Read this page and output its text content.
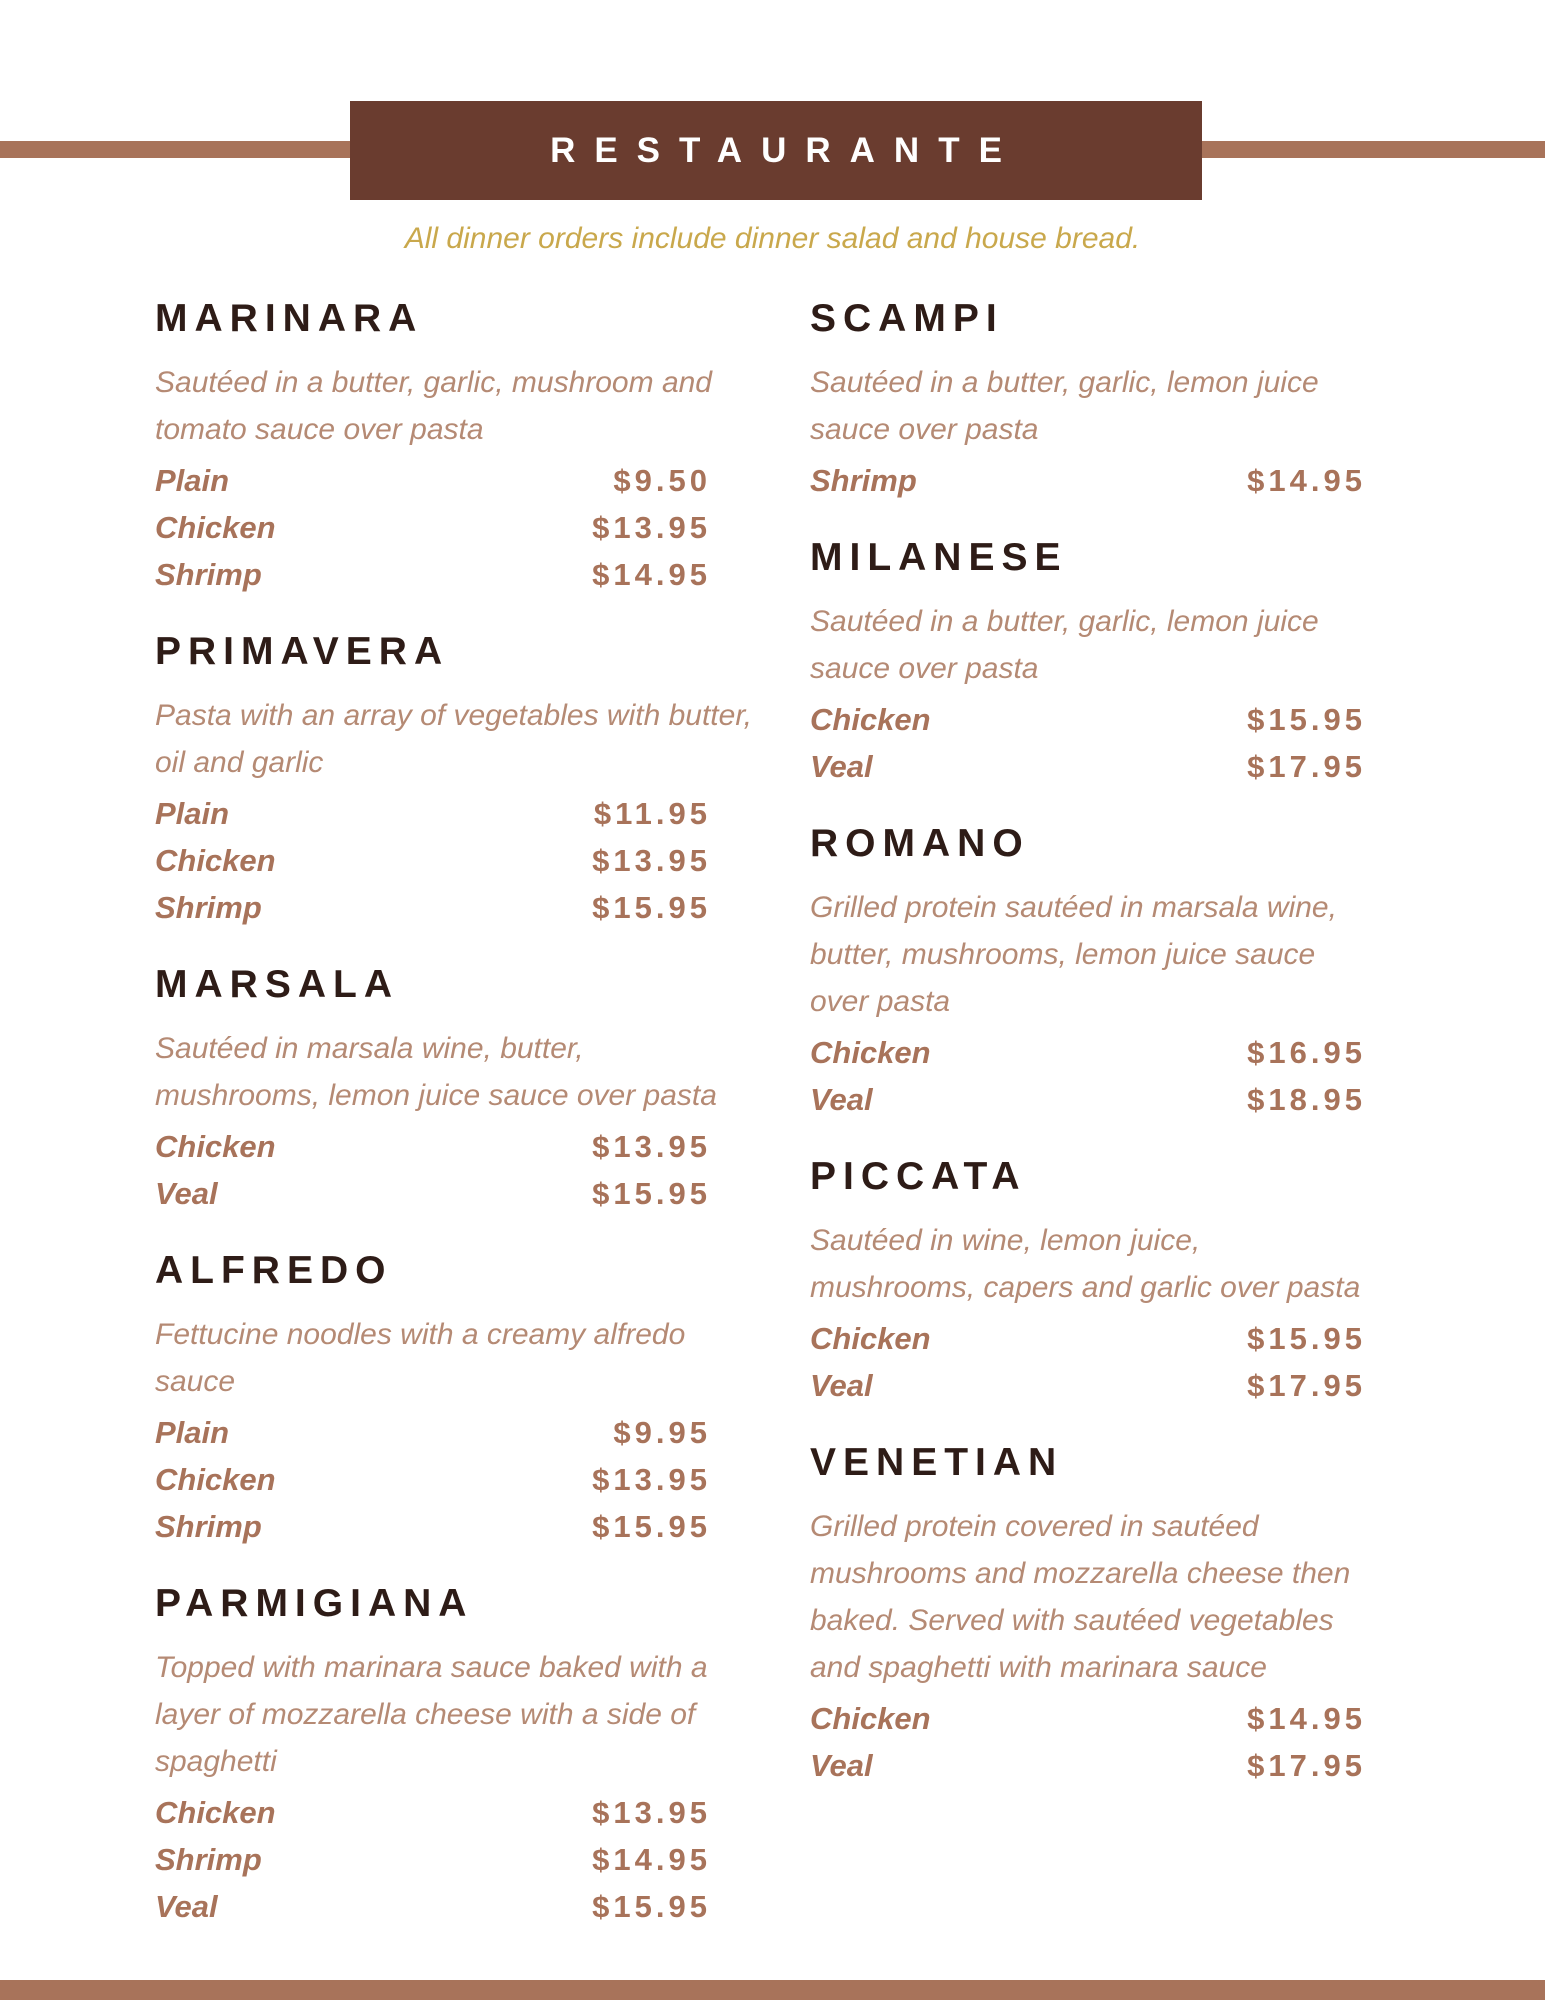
RESTAURANTE
All dinner orders include dinner salad and house bread.
MARINARA
Sautéed in a butter, garlic, mushroom and tomato sauce over pasta
Plain	$9.50
Chicken	$13.95
Shrimp	$14.95
PRIMAVERA
Pasta with an array of vegetables with butter, oil and garlic
Plain	$11.95
Chicken	$13.95
Shrimp	$15.95
MARSALA
Sautéed in marsala wine, butter, mushrooms, lemon juice sauce over pasta
Chicken	$13.95
Veal	$15.95
ALFREDO
Fettucine noodles with a creamy alfredo sauce
Plain	$9.95
Chicken	$13.95
Shrimp	$15.95
PARMIGIANA
Topped with marinara sauce baked with a layer of mozzarella cheese with a side of spaghetti
Chicken	$13.95
Shrimp	$14.95
Veal	$15.95
SCAMPI
Sautéed in a butter, garlic, lemon juice sauce over pasta
Shrimp	$14.95
MILANESE
Sautéed in a butter, garlic, lemon juice sauce over pasta
Chicken	$15.95
Veal	$17.95
ROMANO
Grilled protein sautéed in marsala wine, butter, mushrooms, lemon juice sauce over pasta
Chicken	$16.95
Veal	$18.95
PICCATA
Sautéed in wine, lemon juice, mushrooms, capers and garlic over pasta
Chicken	$15.95
Veal	$17.95
VENETIAN
Grilled protein covered in sautéed mushrooms and mozzarella cheese then baked. Served with sautéed vegetables and spaghetti with marinara sauce
Chicken	$14.95
Veal	$17.95
